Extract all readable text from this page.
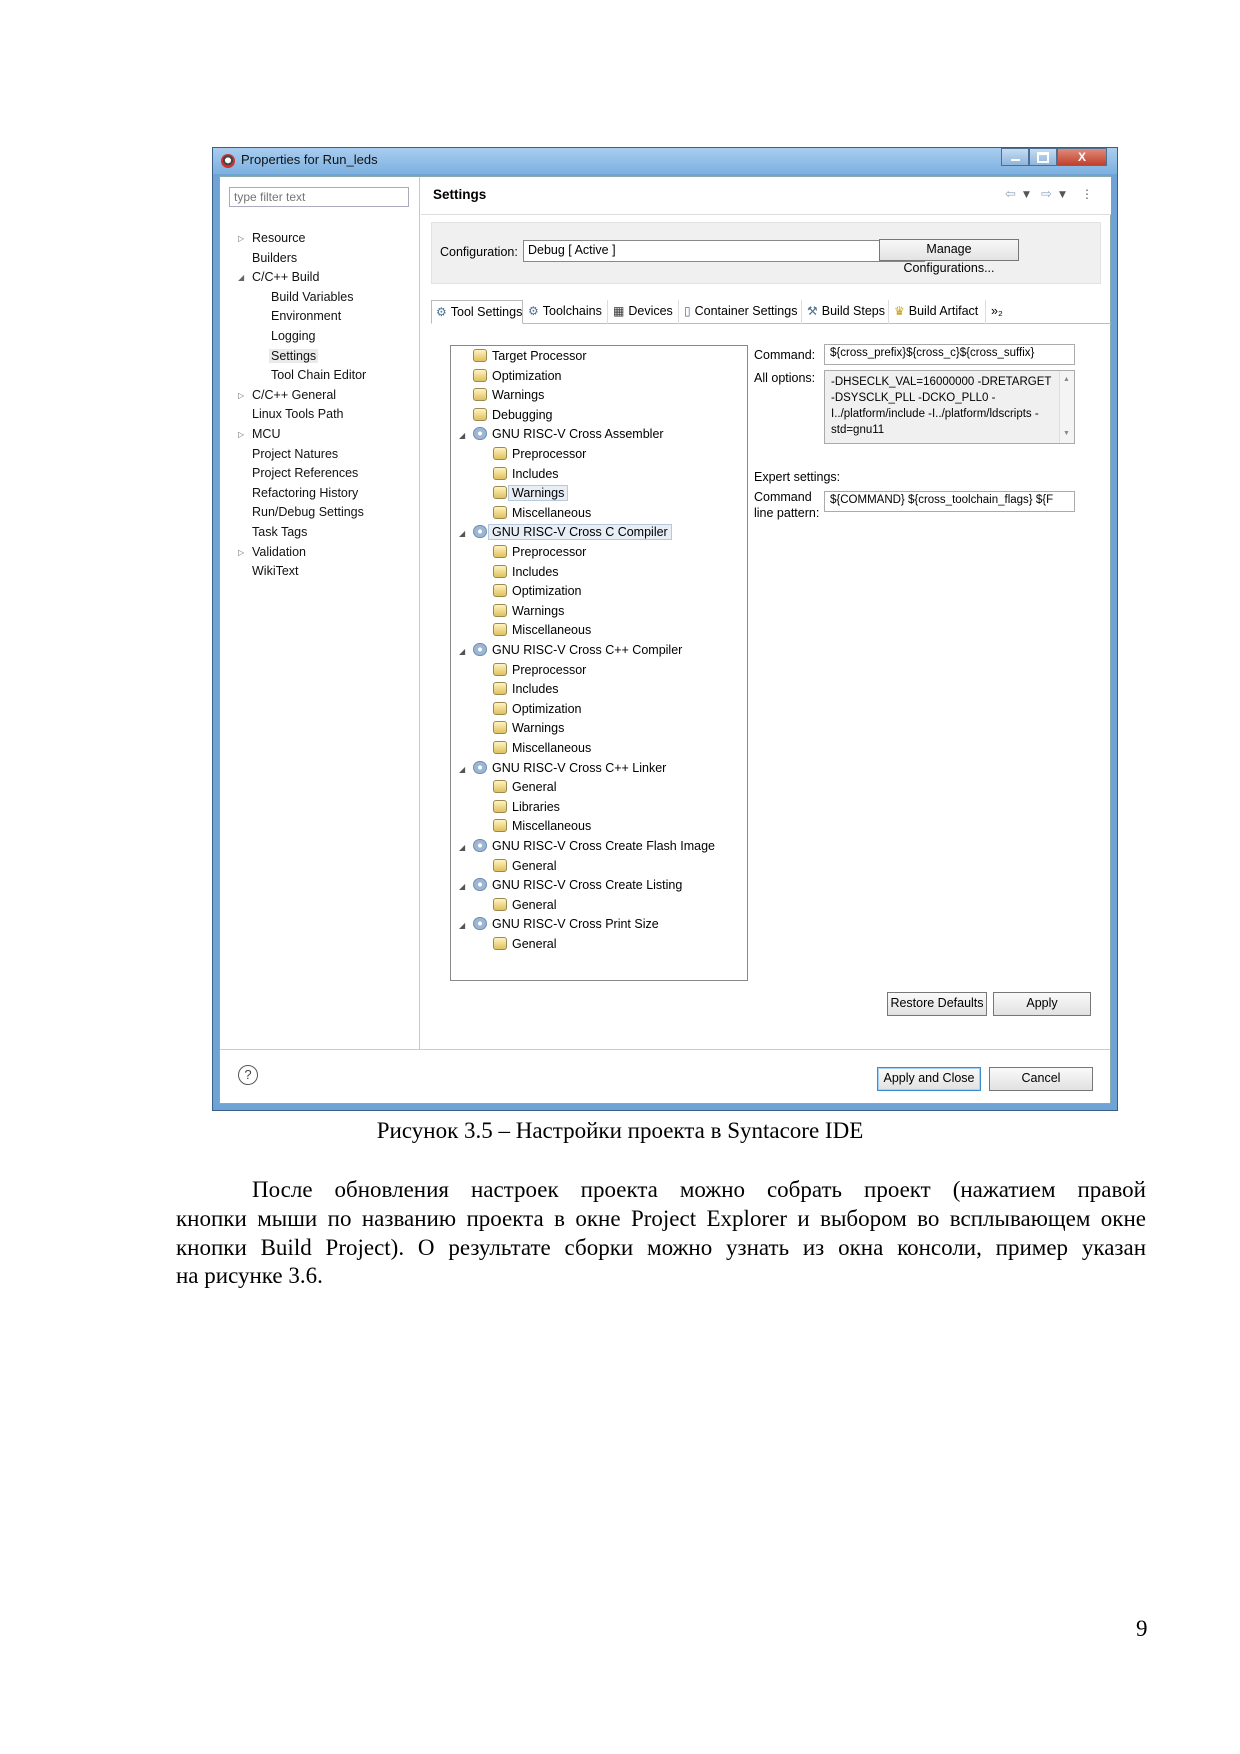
Properties for Run_leds	X
type filter text
▷ Resource
Builders
◢ C/C++ Build
Build Variables
Environment
Logging
Settings
Tool Chain Editor
▷ C/C++ General
Linux Tools Path
▷ MCU
Project Natures
Project References
Refactoring History
Run/Debug Settings
Task Tags
▷ Validation
WikiText
Settings	⇦ ▼ ⇨ ▼ ⋮
Configuration: Debug [ Active ]	Manage Configurations...
⚙ Tool Settings ⚙ Toolchains ▦ Devices ▯ Container Settings ⚒ Build Steps ♛ Build Artifact	»₂
Target Processor
Optimization
Warnings
Debugging
◢	GNU RISC-V Cross Assembler
Preprocessor
Includes
Warnings
Miscellaneous
◢	GNU RISC-V Cross C Compiler
Preprocessor
Includes
Optimization
Warnings
Miscellaneous
◢	GNU RISC-V Cross C++ Compiler
Preprocessor
Includes
Optimization
Warnings
Miscellaneous
◢	GNU RISC-V Cross C++ Linker
General
Libraries
Miscellaneous
◢	GNU RISC-V Cross Create Flash Image
General
◢	GNU RISC-V Cross Create Listing
General
◢	GNU RISC-V Cross Print Size
General
Command:	${cross_prefix}${cross_c}${cross_suffix}
All options:	-DHSECLK_VAL=16000000 -DRETARGET -DSYSCLK_PLL -DCKO_PLL0 -I../platform/include -I../platform/ldscripts -std=gnu11
▲
▼
Expert settings:
Command
line pattern:
${COMMAND} ${cross_toolchain_flags} ${F
Restore Defaults	Apply
?	Apply and Close	Cancel
Рисунок 3.5 – Настройки проекта в Syntacore IDE
После обновления настроек проекта можно собрать проект (нажатием правой
кнопки мыши по названию проекта в окне Project Explorer и выбором во всплывающем окне
кнопки Build Project). О результате сборки можно узнать из окна консоли, пример указан
на рисунке 3.6.
9
